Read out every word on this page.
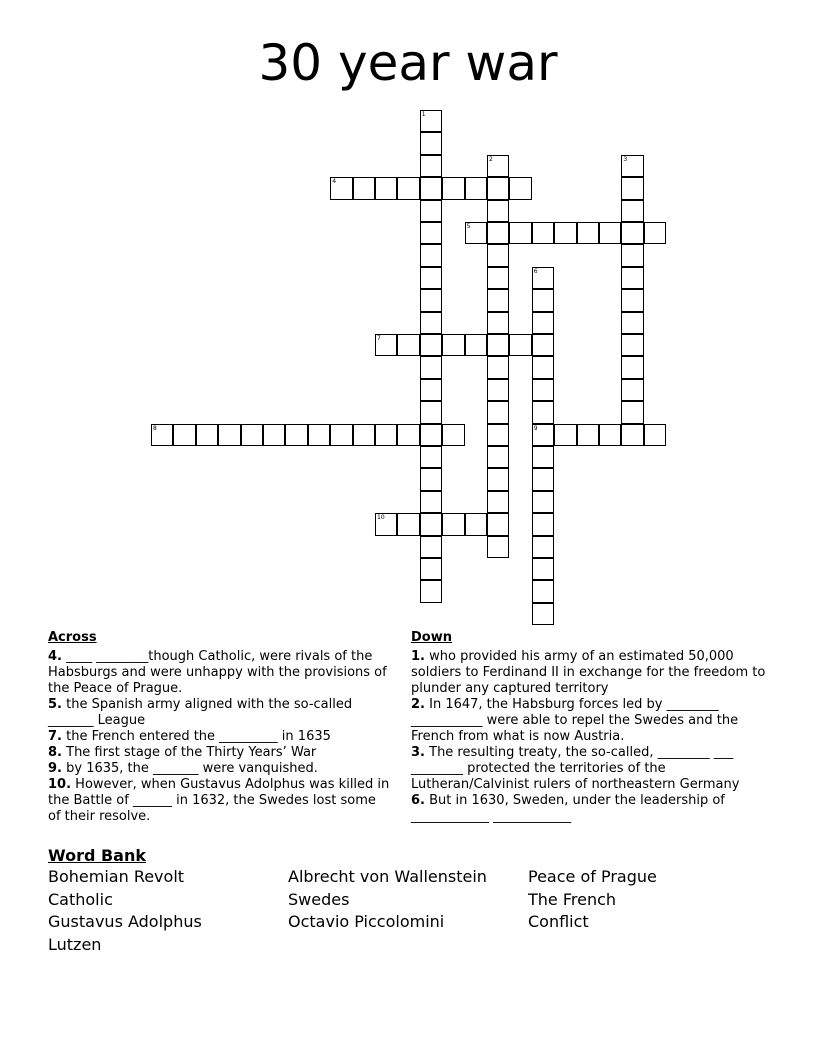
30 year war
1
2	3
4
5
6
9
7
8
10
Across
4. ____ ________though Catholic, were rivals of the Habsburgs and were unhappy with the provisions of the Peace of Prague.
5. the Spanish army aligned with the so-called _______ League
7. the French entered the _________ in 1635
8. The first stage of the Thirty Years’ War
9. by 1635, the _______ were vanquished.
10. However, when Gustavus Adolphus was killed in the Battle of ______ in 1632, the Swedes lost some of their resolve.
Down
1. who provided his army of an estimated 50,000 soldiers to Ferdinand II in exchange for the freedom to plunder any captured territory
2. In 1647, the Habsburg forces led by ________ ___________ were able to repel the Swedes and the French from what is now Austria.
3. The resulting treaty, the so-called, ________ ___ ________ protected the territories of the Lutheran/Calvinist rulers of northeastern Germany
6. But in 1630, Sweden, under the leadership of ____________ ____________
Word Bank
Bohemian Revolt	Albrecht von Wallenstein	Peace of Prague
Catholic	Swedes	The French
Gustavus Adolphus	Octavio Piccolomini	Conflict
Lutzen
